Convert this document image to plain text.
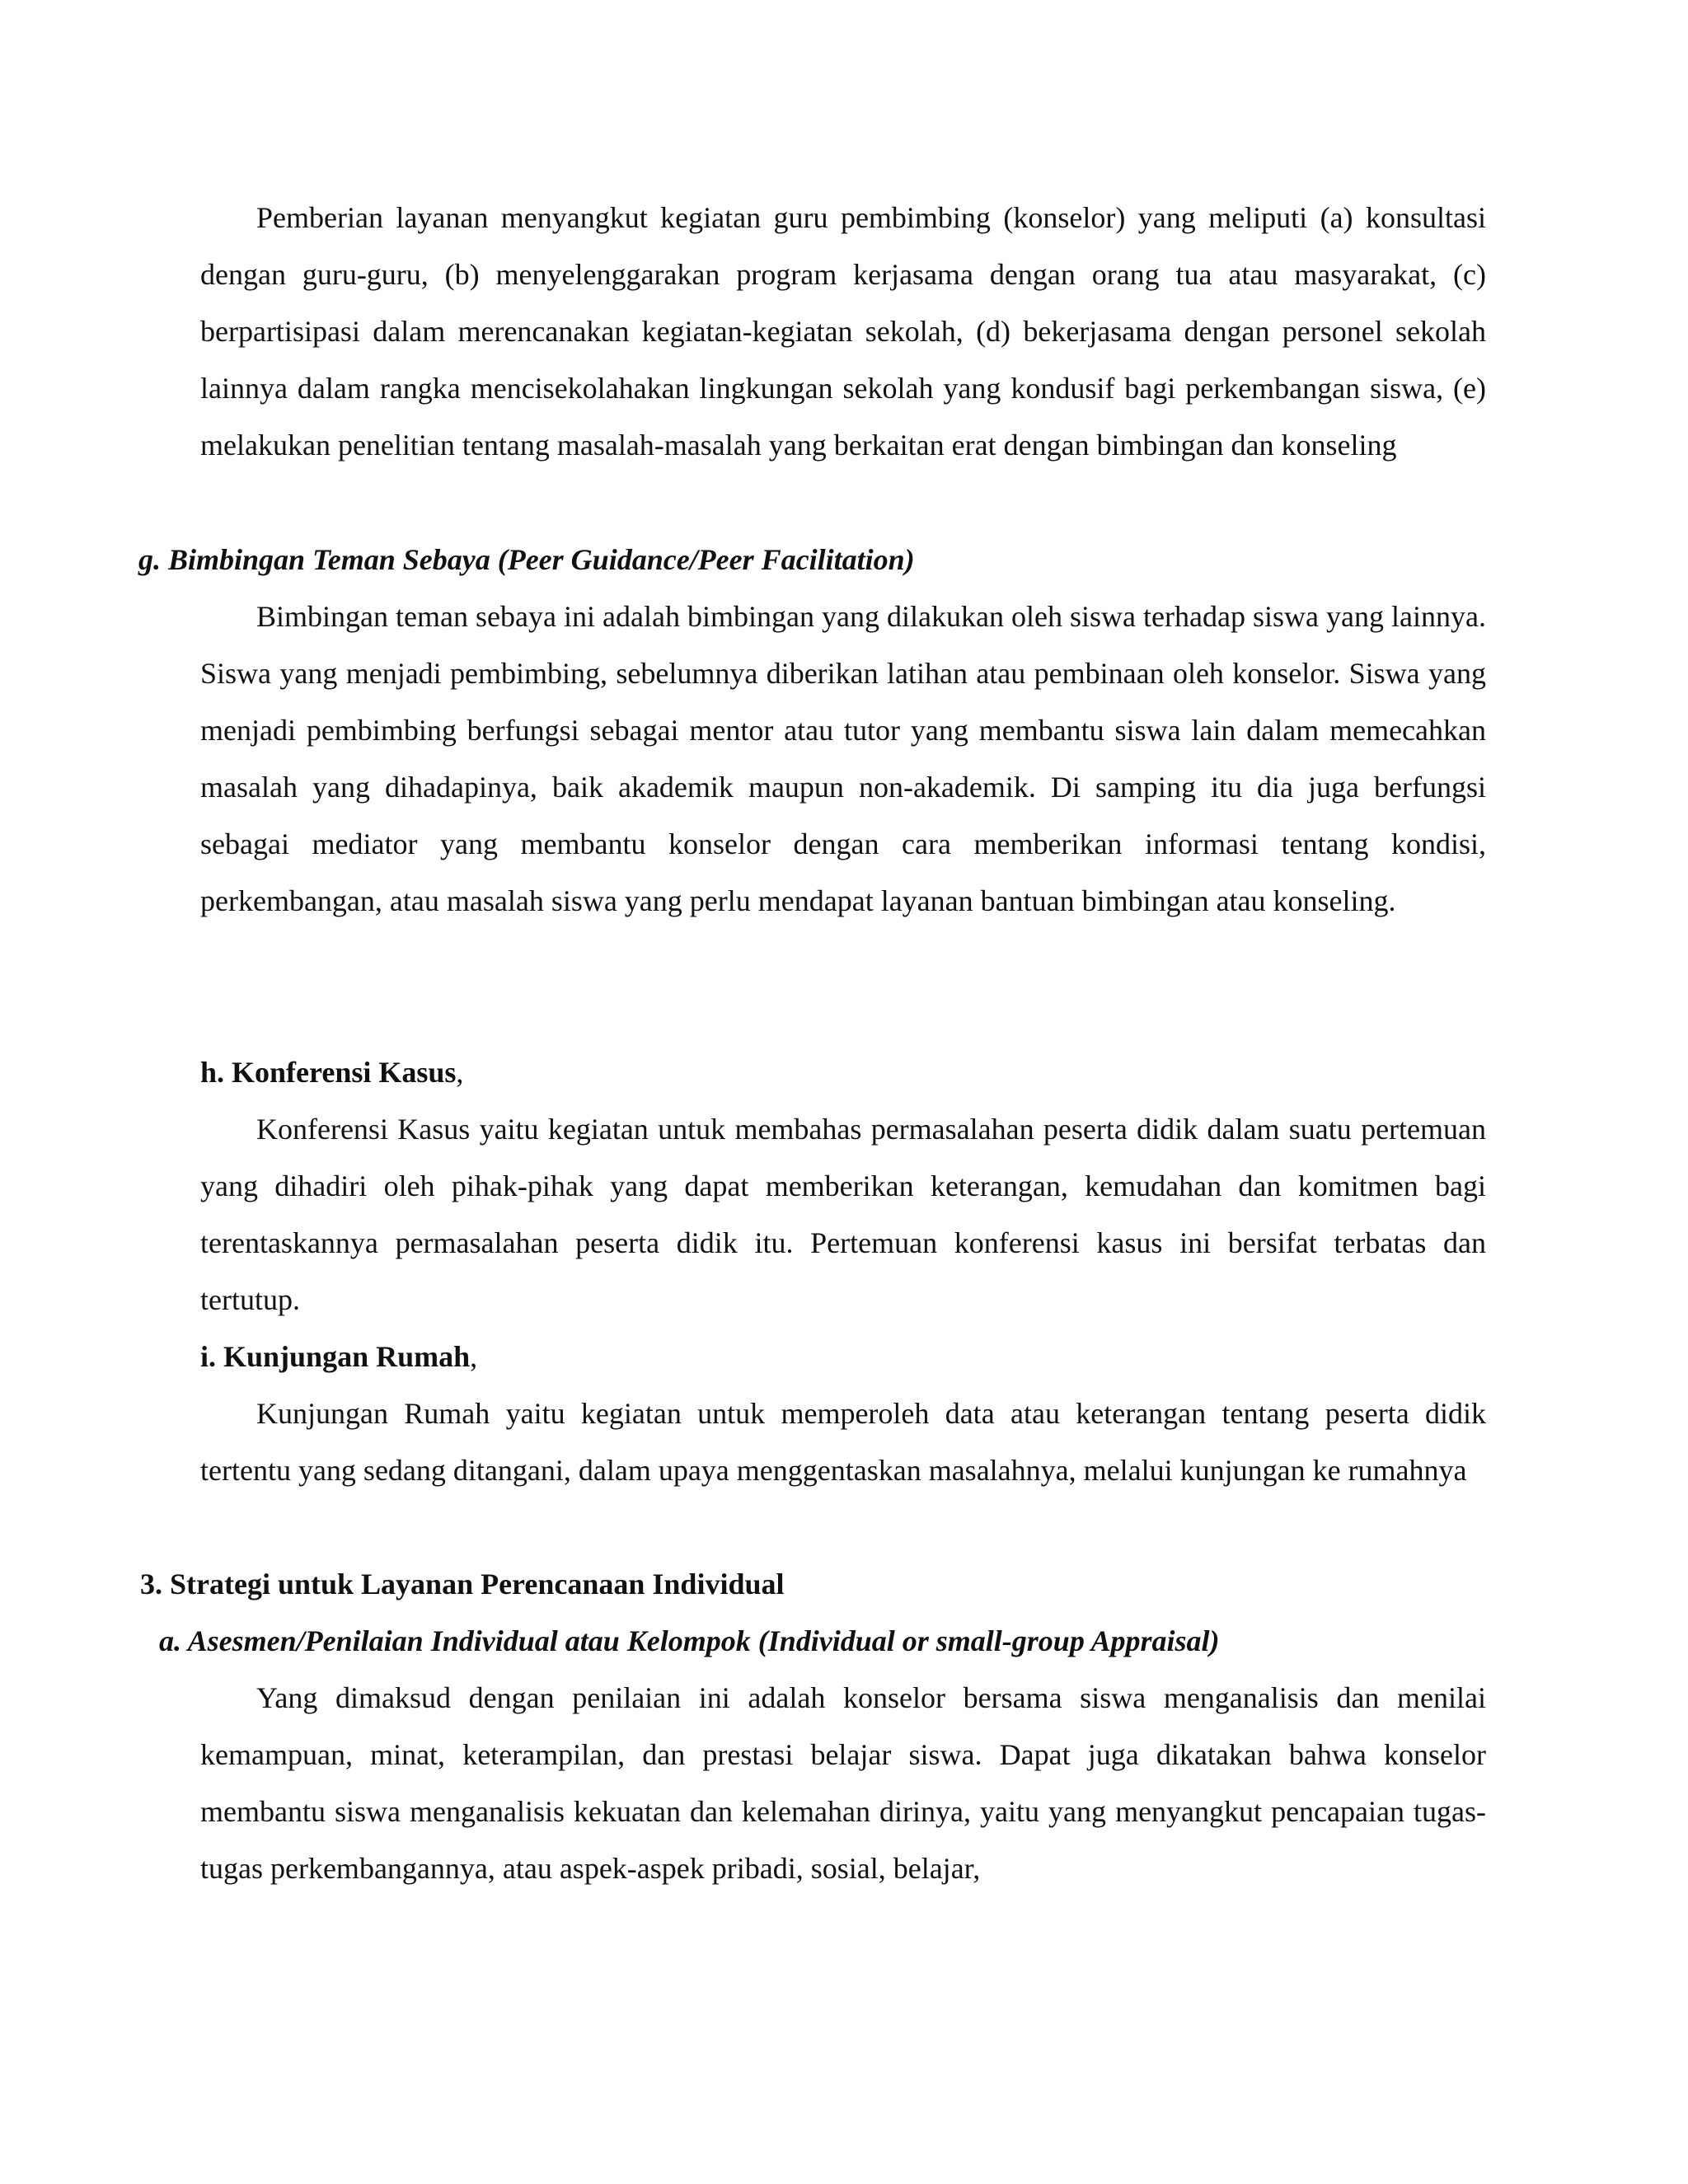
Pemberian layanan menyangkut kegiatan guru pembimbing (konselor) yang meliputi (a) konsultasi dengan guru-guru, (b) menyelenggarakan program kerjasama dengan orang tua atau masyarakat, (c) berpartisipasi dalam merencanakan kegiatan-kegiatan sekolah, (d) bekerjasama dengan personel sekolah lainnya dalam rangka mencisekolahakan lingkungan sekolah yang kondusif bagi perkembangan siswa, (e) melakukan penelitian tentang masalah-masalah yang berkaitan erat dengan bimbingan dan konseling

g. Bimbingan Teman Sebaya (Peer Guidance/Peer Facilitation)

Bimbingan teman sebaya ini adalah bimbingan yang dilakukan oleh siswa terhadap siswa yang lainnya. Siswa yang menjadi pembimbing, sebelumnya diberikan latihan atau pembinaan oleh konselor. Siswa yang menjadi pembimbing berfungsi sebagai mentor atau tutor yang membantu siswa lain dalam memecahkan masalah yang dihadapinya, baik akademik maupun non-akademik. Di samping itu dia juga berfungsi sebagai mediator yang membantu konselor dengan cara memberikan informasi tentang kondisi, perkembangan, atau masalah siswa yang perlu mendapat layanan bantuan bimbingan atau konseling.

h. Konferensi Kasus,

Konferensi Kasus yaitu kegiatan untuk membahas permasalahan peserta didik dalam suatu pertemuan yang dihadiri oleh pihak-pihak yang dapat memberikan keterangan, kemudahan dan komitmen bagi terentaskannya permasalahan peserta didik itu. Pertemuan konferensi kasus ini bersifat terbatas dan tertutup.

i. Kunjungan Rumah,

Kunjungan Rumah yaitu kegiatan untuk memperoleh data atau keterangan tentang peserta didik tertentu yang sedang ditangani, dalam upaya menggentaskan masalahnya, melalui kunjungan ke rumahnya

3. Strategi untuk Layanan Perencanaan Individual
a. Asesmen/Penilaian Individual atau Kelompok (Individual or small-group Appraisal)

Yang dimaksud dengan penilaian ini adalah konselor bersama siswa menganalisis dan menilai kemampuan, minat, keterampilan, dan prestasi belajar siswa. Dapat juga dikatakan bahwa konselor membantu siswa menganalisis kekuatan dan kelemahan dirinya, yaitu yang menyangkut pencapaian tugas-tugas perkembangannya, atau aspek-aspek pribadi, sosial, belajar,
